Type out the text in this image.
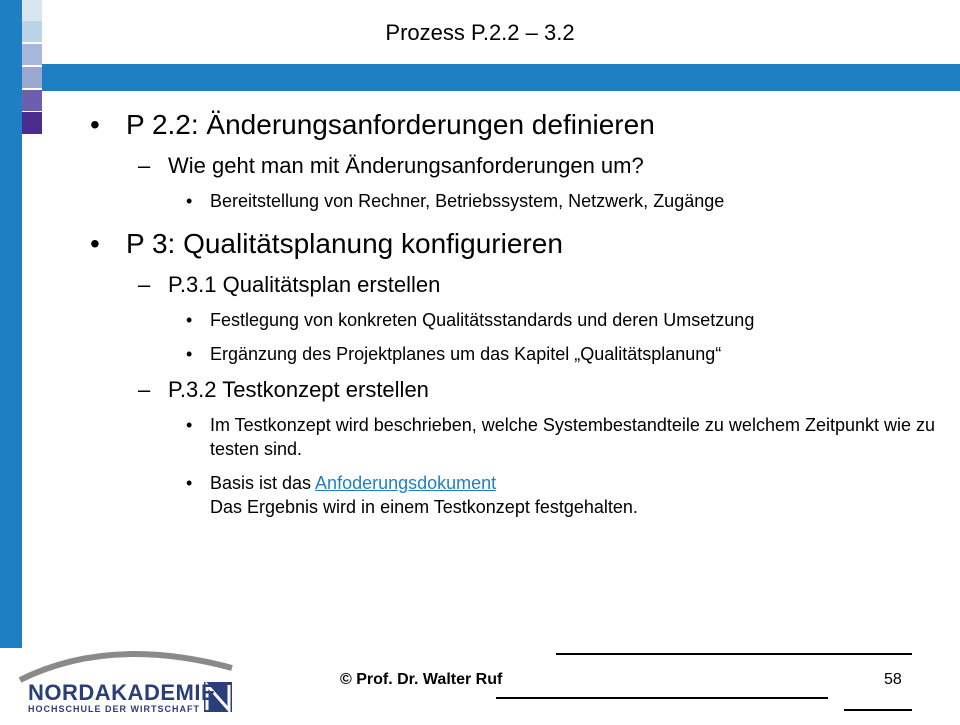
Prozess P.2.2 – 3.2
• P 2.2: Änderungsanforderungen definieren
– Wie geht man mit Änderungsanforderungen um?
• Bereitstellung von Rechner, Betriebssystem, Netzwerk, Zugänge
• P 3: Qualitätsplanung konfigurieren
– P.3.1 Qualitätsplan erstellen
• Festlegung von konkreten Qualitätsstandards und deren Umsetzung
• Ergänzung des Projektplanes um das Kapitel „Qualitätsplanung“
– P.3.2 Testkonzept erstellen
• Im Testkonzept wird beschrieben, welche Systembestandteile zu welchem Zeitpunkt wie zu testen sind.
• Basis ist das Anfoderungsdokument
Das Ergebnis wird in einem Testkonzept festgehalten.
© Prof. Dr. Walter Ruf	58
NORDAKADEMIE
HOCHSCHULE DER WIRTSCHAFT
